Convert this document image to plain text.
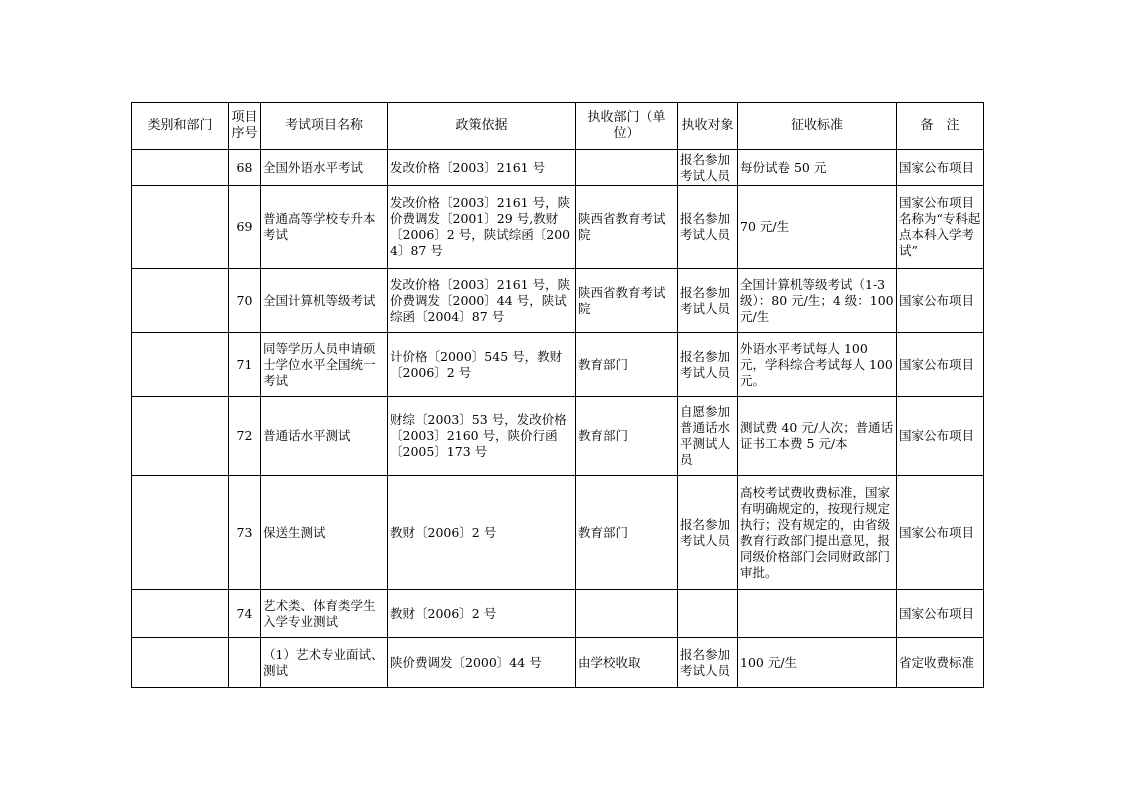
类别和部门	项目序号	考试项目名称	政策依据	执收部门（单位）	执收对象	征收标准	备　注
	68	全国外语水平考试	发改价格〔2003〕2161 号		报名参加考试人员	每份试卷 50 元	国家公布项目
	69	普通高等学校专升本考试	发改价格〔2003〕2161 号，陕价费调发〔2001〕29 号,教财〔2006〕2 号，陕试综函〔2004〕87 号	陕西省教育考试院	报名参加考试人员	70 元/生	国家公布项目名称为“专科起点本科入学考试”
	70	全国计算机等级考试	发改价格〔2003〕2161 号，陕价费调发〔2000〕44 号，陕试综函〔2004〕87 号	陕西省教育考试院	报名参加考试人员	全国计算机等级考试（1-3 级）：80 元/生；4 级：100 元/生	国家公布项目
	71	同等学历人员申请硕士学位水平全国统一考试	计价格〔2000〕545 号，教财〔2006〕2 号	教育部门	报名参加考试人员	外语水平考试每人 100 元，学科综合考试每人 100 元。	国家公布项目
	72	普通话水平测试	财综〔2003〕53 号，发改价格〔2003〕2160 号，陕价行函〔2005〕173 号	教育部门	自愿参加普通话水平测试人员	测试费 40 元/人次；普通话证书工本费 5 元/本	国家公布项目
	73	保送生测试	教财〔2006〕2 号	教育部门	报名参加考试人员	高校考试费收费标准，国家有明确规定的，按现行规定执行；没有规定的，由省级教育行政部门提出意见，报同级价格部门会同财政部门审批。	国家公布项目
	74	艺术类、体育类学生入学专业测试	教财〔2006〕2 号				国家公布项目
		（1）艺术专业面试、测试	陕价费调发〔2000〕44 号	由学校收取	报名参加考试人员	100 元/生	省定收费标准
